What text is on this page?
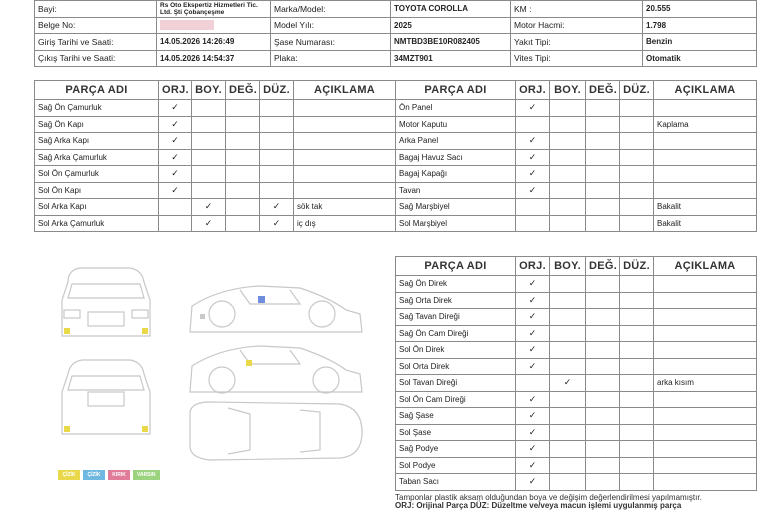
Bayi:	Rs Oto Ekspertiz Hizmetleri Tic. Ltd. Şti Çobançeşme	Marka/Model:	TOYOTA COROLLA	KM :	20.555
Belge No:		Model Yılı:	2025	Motor Hacmi:	1.798
Giriş Tarihi ve Saati:	14.05.2026 14:26:49	Şase Numarası:	NMTBD3BE10R082405	Yakıt Tipi:	Benzin
Çıkış Tarihi ve Saati:	14.05.2026 14:54:37	Plaka:	34MZT901	Vites Tipi:	Otomatik
PARÇA ADI	ORJ.	BOY.	DEĞ.	DÜZ.	AÇIKLAMA
Sağ Ön Çamurluk	✓				
Sağ Ön Kapı	✓				
Sağ Arka Kapı	✓				
Sağ Arka Çamurluk	✓				
Sol Ön Çamurluk	✓				
Sol Ön Kapı	✓				
Sol Arka Kapı		✓		✓	sök tak
Sol Arka Çamurluk		✓		✓	iç dış
PARÇA ADI	ORJ.	BOY.	DEĞ.	DÜZ.	AÇIKLAMA
Ön Panel	✓				
Motor Kaputu					Kaplama
Arka Panel	✓				
Bagaj Havuz Sacı	✓				
Bagaj Kapağı	✓				
Tavan	✓				
Sağ Marşbiyel					Bakalit
Sol Marşbiyel					Bakalit
ÇİZİK	ÇİZİK	KIRIK	VARSIN
PARÇA ADI	ORJ.	BOY.	DEĞ.	DÜZ.	AÇIKLAMA
Sağ Ön Direk	✓				
Sağ Orta Direk	✓				
Sağ Tavan Direği	✓				
Sağ Ön Cam Direği	✓				
Sol Ön Direk	✓				
Sol Orta Direk	✓				
Sol Tavan Direği		✓			arka kısım
Sol Ön Cam Direği	✓				
Sağ Şase	✓				
Sol Şase	✓				
Sağ Podye	✓				
Sol Podye	✓				
Taban Sacı	✓				
Tamponlar plastik aksam olduğundan boya ve değişim değerlendirilmesi yapılmamıştır.
ORJ: Orijinal Parça DÜZ: Düzeltme ve/veya macun işlemi uygulanmış parça
